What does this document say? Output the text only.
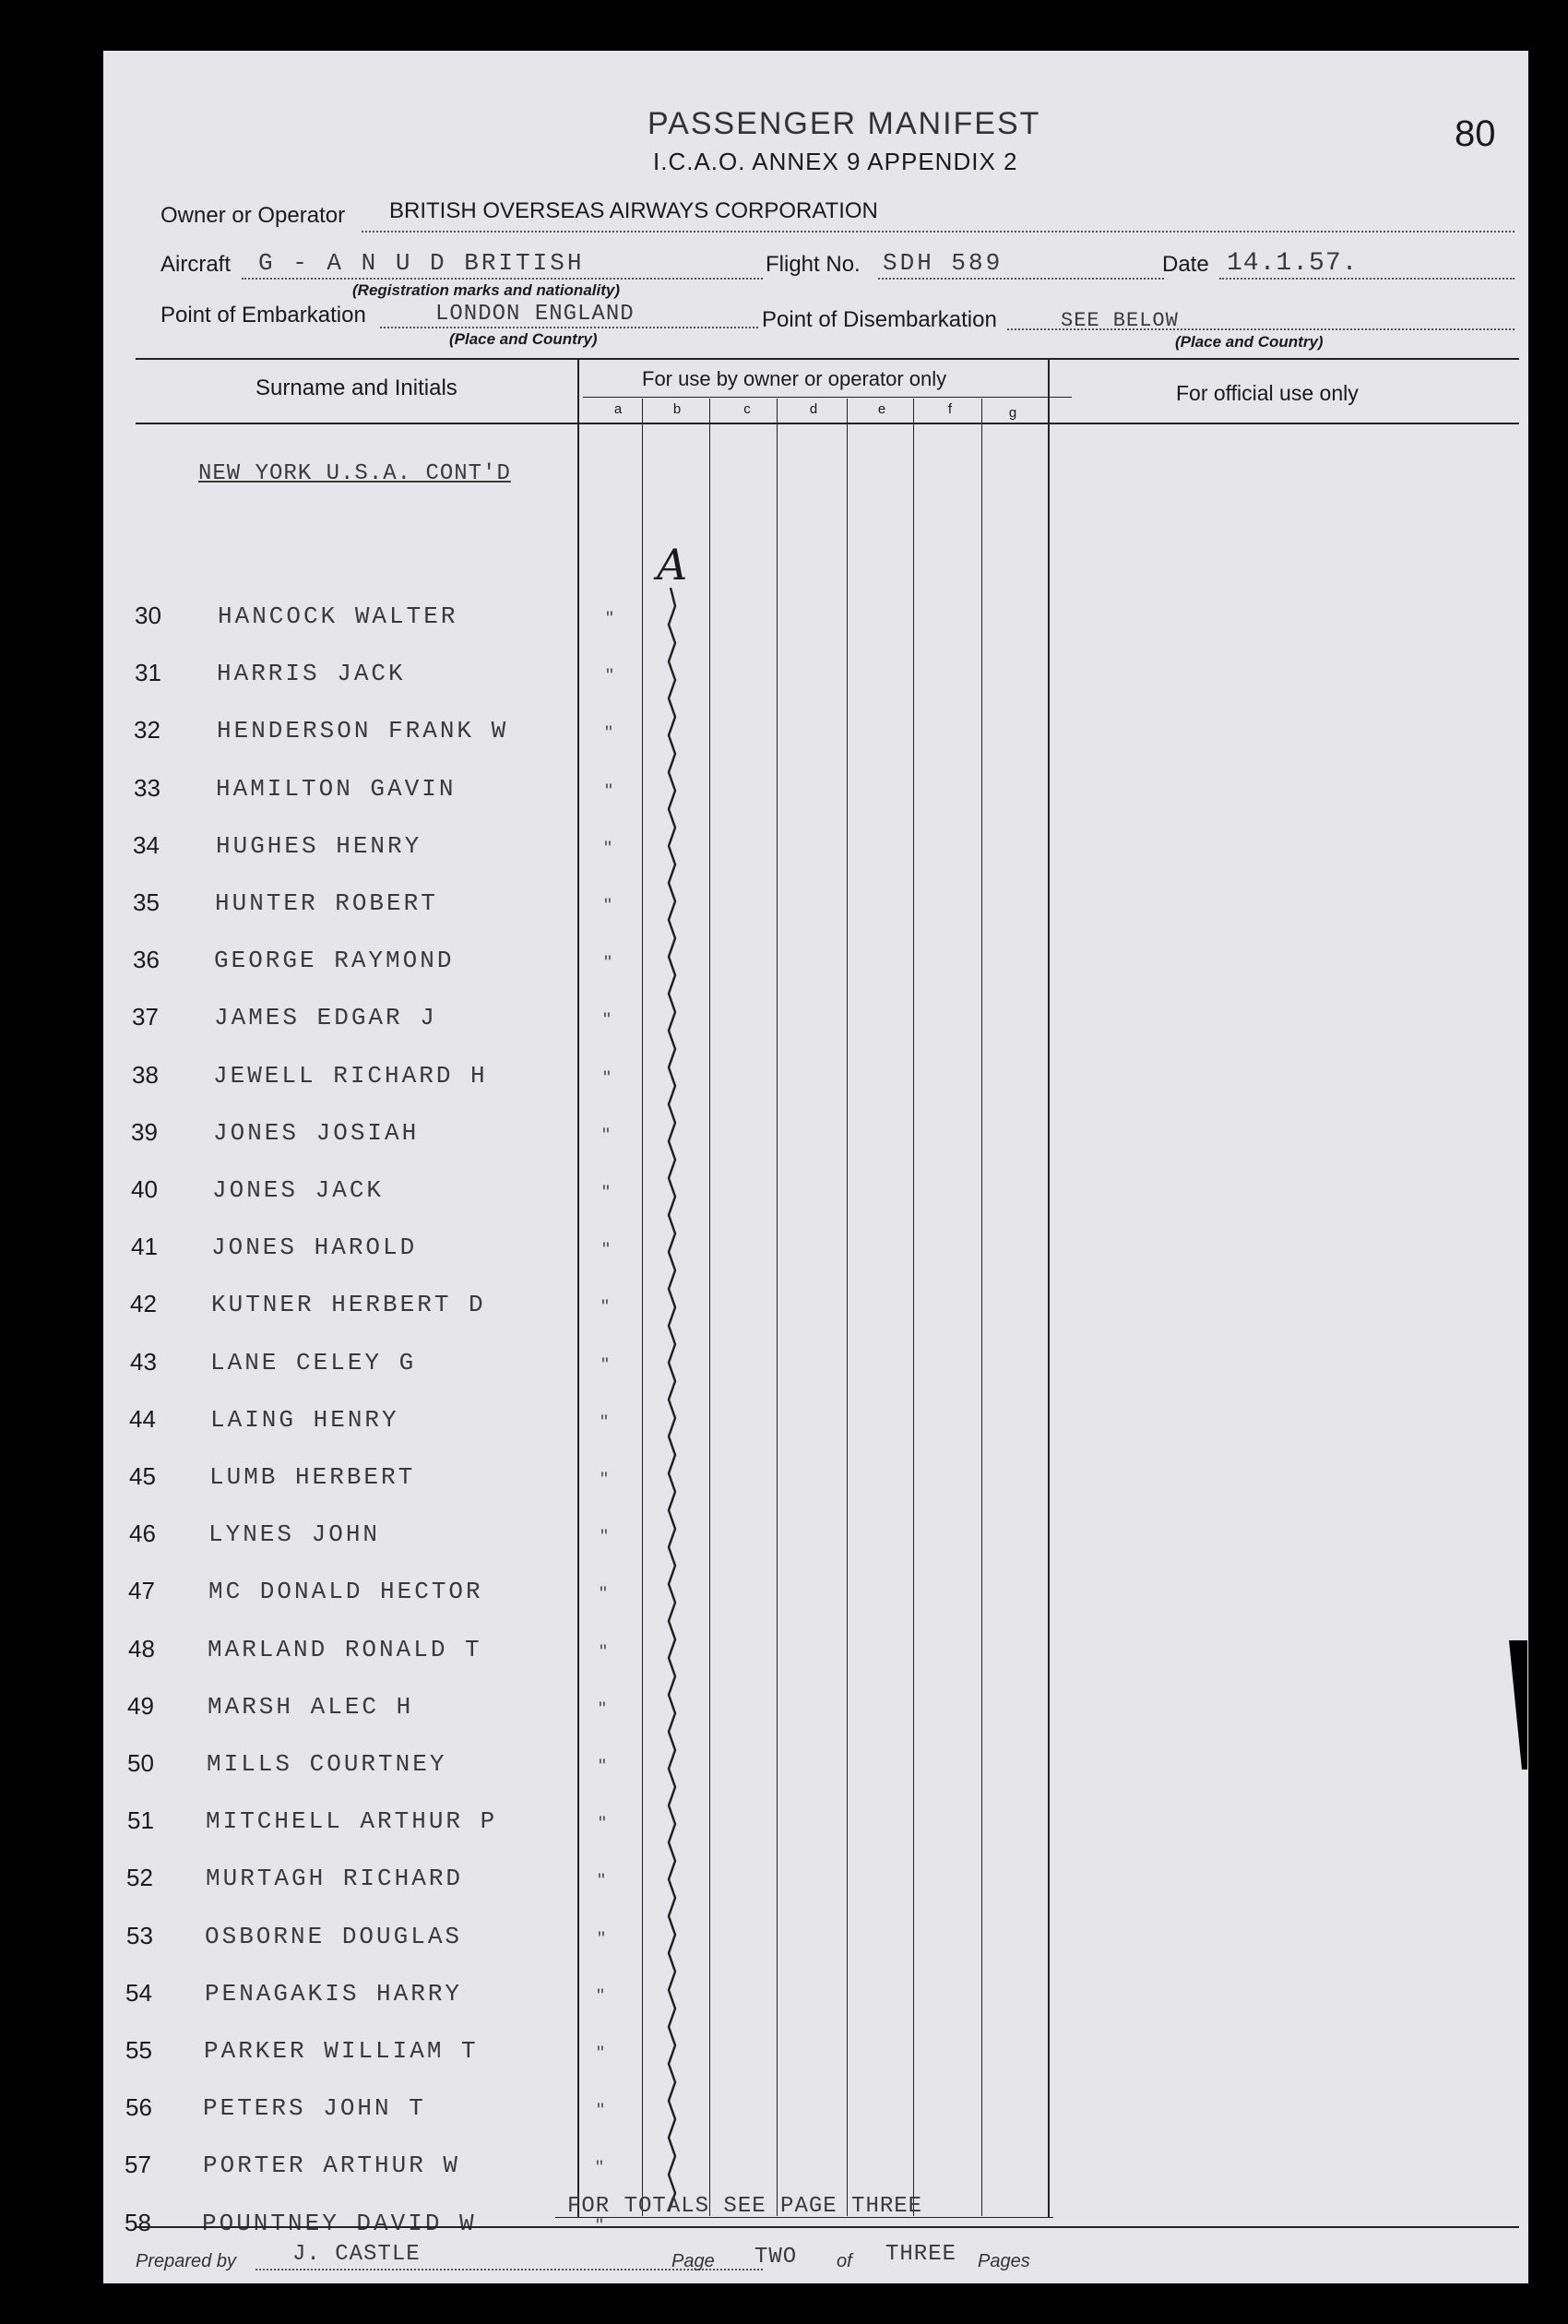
PASSENGER MANIFEST
I.C.A.O. ANNEX 9 APPENDIX 2
80
Owner or Operator BRITISH OVERSEAS AIRWAYS CORPORATION
Aircraft G - A N U D BRITISH
(Registration marks and nationality)
Flight No. SDH 589	Date 14.1.57.
Point of Embarkation	LONDON ENGLAND
(Place and Country)
Point of Disembarkation	SEE BELOW
(Place and Country)
Surname and Initials	For use by owner or operator only
For official use only
a	b	c	d	e	f	g
NEW YORK U.S.A. CONT'D
A
30 HANCOCK WALTER	"
31 HARRIS JACK	"
32 HENDERSON FRANK W	"
33 HAMILTON GAVIN	"
34 HUGHES HENRY	"
35 HUNTER ROBERT	"
36 GEORGE RAYMOND	"
37 JAMES EDGAR J	"
38 JEWELL RICHARD H	"
39 JONES JOSIAH	"
40 JONES JACK	"
41 JONES HAROLD	"
42 KUTNER HERBERT D	"
43 LANE CELEY G	"
44 LAING HENRY	"
45 LUMB HERBERT	"
46 LYNES JOHN	"
47 MC DONALD HECTOR	"
48 MARLAND RONALD T	"
49 MARSH ALEC H	"
50 MILLS COURTNEY	"
51 MITCHELL ARTHUR P	"
52 MURTAGH RICHARD	"
53 OSBORNE DOUGLAS	"
54 PENAGAKIS HARRY	"
55 PARKER WILLIAM T	"
56 PETERS JOHN T	"
57 PORTER ARTHUR W	"
58 POUNTNEY DAVID W	"
FOR TOTALS SEE PAGE THREE
Prepared by	J. CASTLE	Page TWO of THREE Pages
